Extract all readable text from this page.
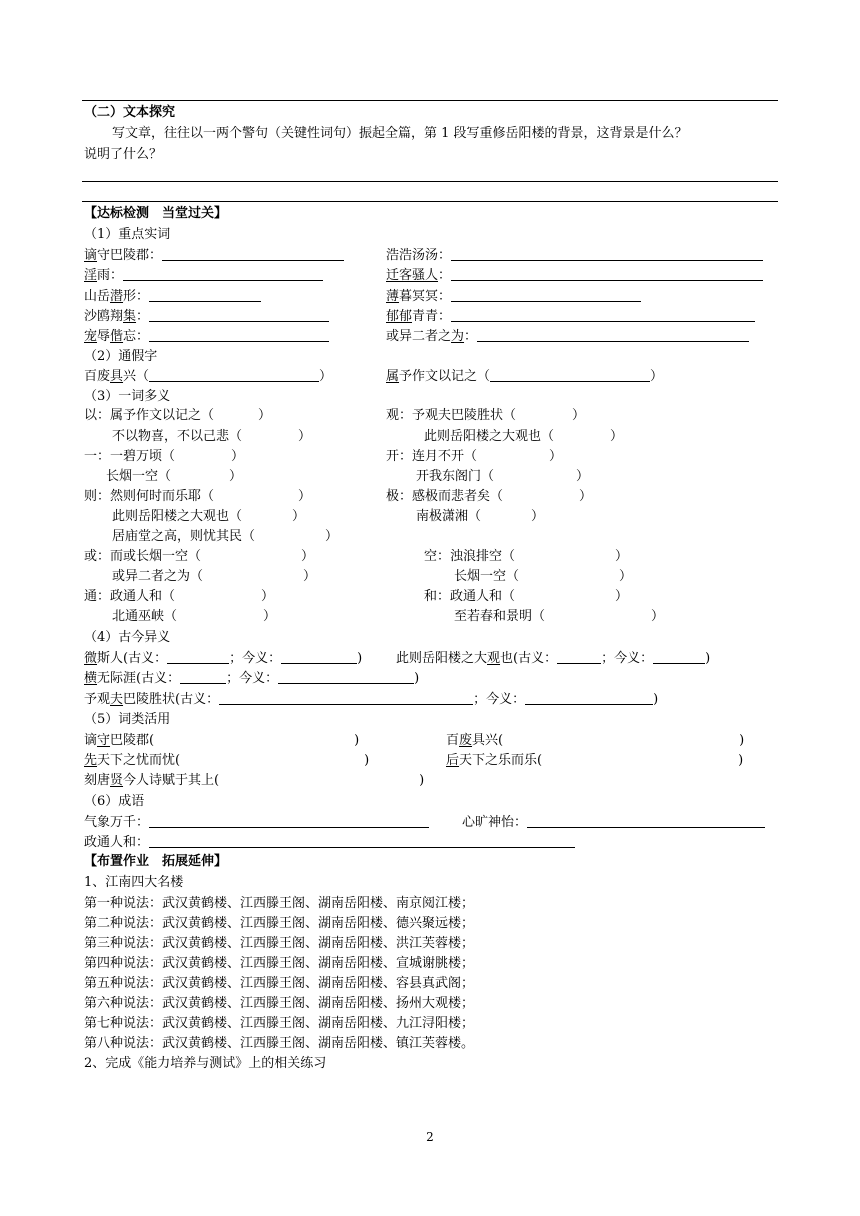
（二）文本探究
写文章，往往以一两个警句（关键性词句）振起全篇，第 1 段写重修岳阳楼的背景，这背景是什么？
说明了什么？
【达标检测　当堂过关】
（1）重点实词
谪守巴陵郡：	浩浩汤汤：
淫雨：	迁客骚人：
山岳潜形：	薄暮冥冥：
沙鸥翔集：	郁郁青青：
宠辱偕忘：	或异二者之为：
（2）通假字
百废具兴（	）	属予作文以记之（	）
（3）一词多义
以：属予作文以记之（	）	观：予观夫巴陵胜状（	）
不以物喜，不以己悲（	）	此则岳阳楼之大观也（	）
一：一碧万顷（	）	开：连月不开（	）
长烟一空（	）	开我东阁门（	）
则：然则何时而乐耶（	）	极：感极而悲者矣（	）
此则岳阳楼之大观也（	）	南极潇湘（	）
居庙堂之高，则忧其民（	）
或：而或长烟一空（	）	空：浊浪排空（	）
或异二者之为（	）	长烟一空（	）
通：政通人和（	）	和：政通人和（	）
北通巫峡（	）	至若春和景明（	）
（4）古今异义
微斯人(古义：	；今义：	)	此则岳阳楼之大观也(古义：	；今义：	)
横无际涯(古义：	；今义：	)
予观夫巴陵胜状(古义：	；今义：	)
（5）词类活用
谪守巴陵郡(	)	百废具兴(	)
先天下之忧而忧(	)	后天下之乐而乐(	)
刻唐贤今人诗赋于其上(	)
（6）成语
气象万千：	心旷神怡：
政通人和：
【布置作业　拓展延伸】
1、江南四大名楼
第一种说法：武汉黄鹤楼、江西滕王阁、湖南岳阳楼、南京阅江楼；
第二种说法：武汉黄鹤楼、江西滕王阁、湖南岳阳楼、德兴聚远楼；
第三种说法：武汉黄鹤楼、江西滕王阁、湖南岳阳楼、洪江芙蓉楼；
第四种说法：武汉黄鹤楼、江西滕王阁、湖南岳阳楼、宣城谢朓楼；
第五种说法：武汉黄鹤楼、江西滕王阁、湖南岳阳楼、容县真武阁；
第六种说法：武汉黄鹤楼、江西滕王阁、湖南岳阳楼、扬州大观楼；
第七种说法：武汉黄鹤楼、江西滕王阁、湖南岳阳楼、九江浔阳楼；
第八种说法：武汉黄鹤楼、江西滕王阁、湖南岳阳楼、镇江芙蓉楼。
2、完成《能力培养与测试》上的相关练习
2
